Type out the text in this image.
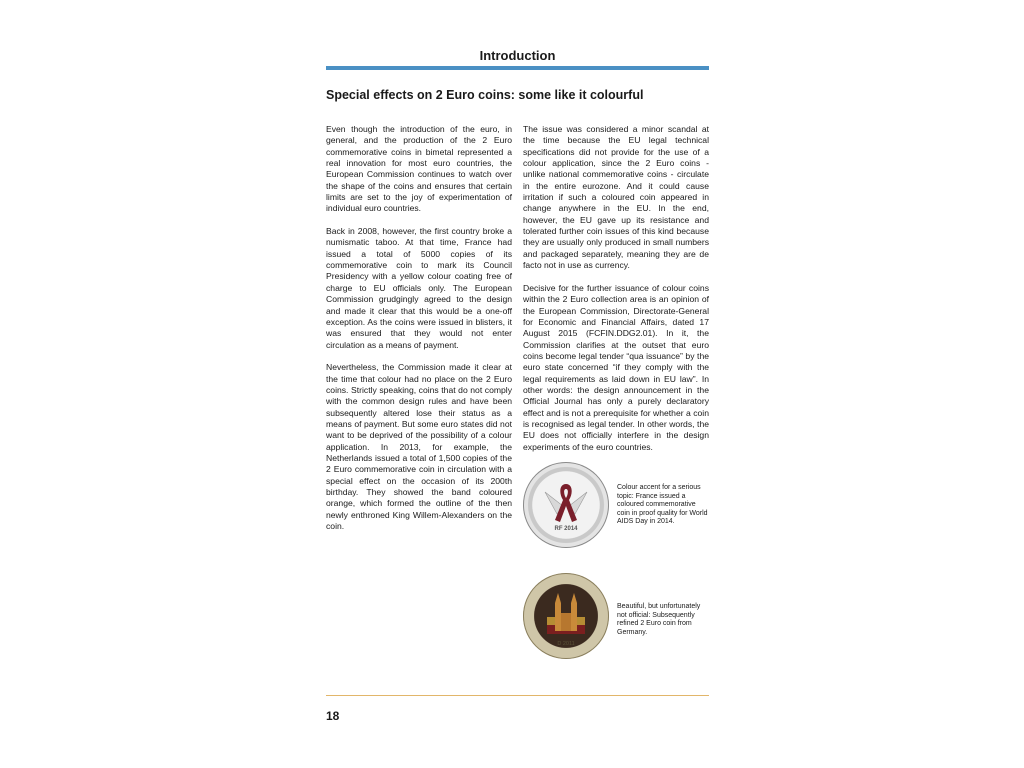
Introduction
Special effects on 2 Euro coins: some like it colourful

Even though the introduction of the euro, in general, and the production of the 2 Euro commemorative coins in bimetal represented a real innovation for most euro countries, the European Commission continues to watch over the shape of the coins and ensures that certain limits are set to the joy of experimentation of individual euro countries.

Back in 2008, however, the first country broke a numismatic taboo. At that time, France had issued a total of 5000 copies of its commemorative coin to mark its Council Presidency with a yellow colour coating free of charge to EU officials only. The European Commission grudgingly agreed to the design and made it clear that this would be a one-off exception. As the coins were issued in blisters, it was ensured that they would not enter circulation as a means of payment.

Nevertheless, the Commission made it clear at the time that colour had no place on the 2 Euro coins. Strictly speaking, coins that do not comply with the common design rules and have been subsequently altered lose their status as a means of payment. But some euro states did not want to be deprived of the possibility of a colour application. In 2013, for example, the Netherlands issued a total of 1,500 copies of the 2 Euro commemorative coin in circulation with a special effect on the occasion of its 200th birthday. They showed the band coloured orange, which formed the outline of the then newly enthroned King Willem-Alexanders on the coin.

The issue was considered a minor scandal at the time because the EU legal technical specifications did not provide for the use of a colour application, since the 2 Euro coins - unlike national commemorative coins - circulate in the entire eurozone. And it could cause irritation if such a coloured coin appeared in change anywhere in the EU. In the end, however, the EU gave up its resistance and tolerated further coin issues of this kind because they are usually only produced in small numbers and packaged separately, meaning they are de facto not in use as currency.

Decisive for the further issuance of colour coins within the 2 Euro collection area is an opinion of the European Commission, Directorate-General for Economic and Financial Affairs, dated 17 August 2015 (FCFIN.DDG2.01). In it, the Commission clarifies at the outset that euro coins become legal tender “qua issuance” by the euro state concerned “if they comply with the legal requirements as laid down in EU law”. In other words: the design announcement in the Official Journal has only a purely declaratory effect and is not a prerequisite for whether a coin is recognised as legal tender. In other words, the EU does not officially interfere in the design experiments of the euro countries.

RF 2014
Colour accent for a serious topic: France issued a coloured commemorative coin in proof quality for World AIDS Day in 2014.
D 2011
Beautiful, but unfortunately not official: Subsequently refined 2 Euro coin from Germany.
18
